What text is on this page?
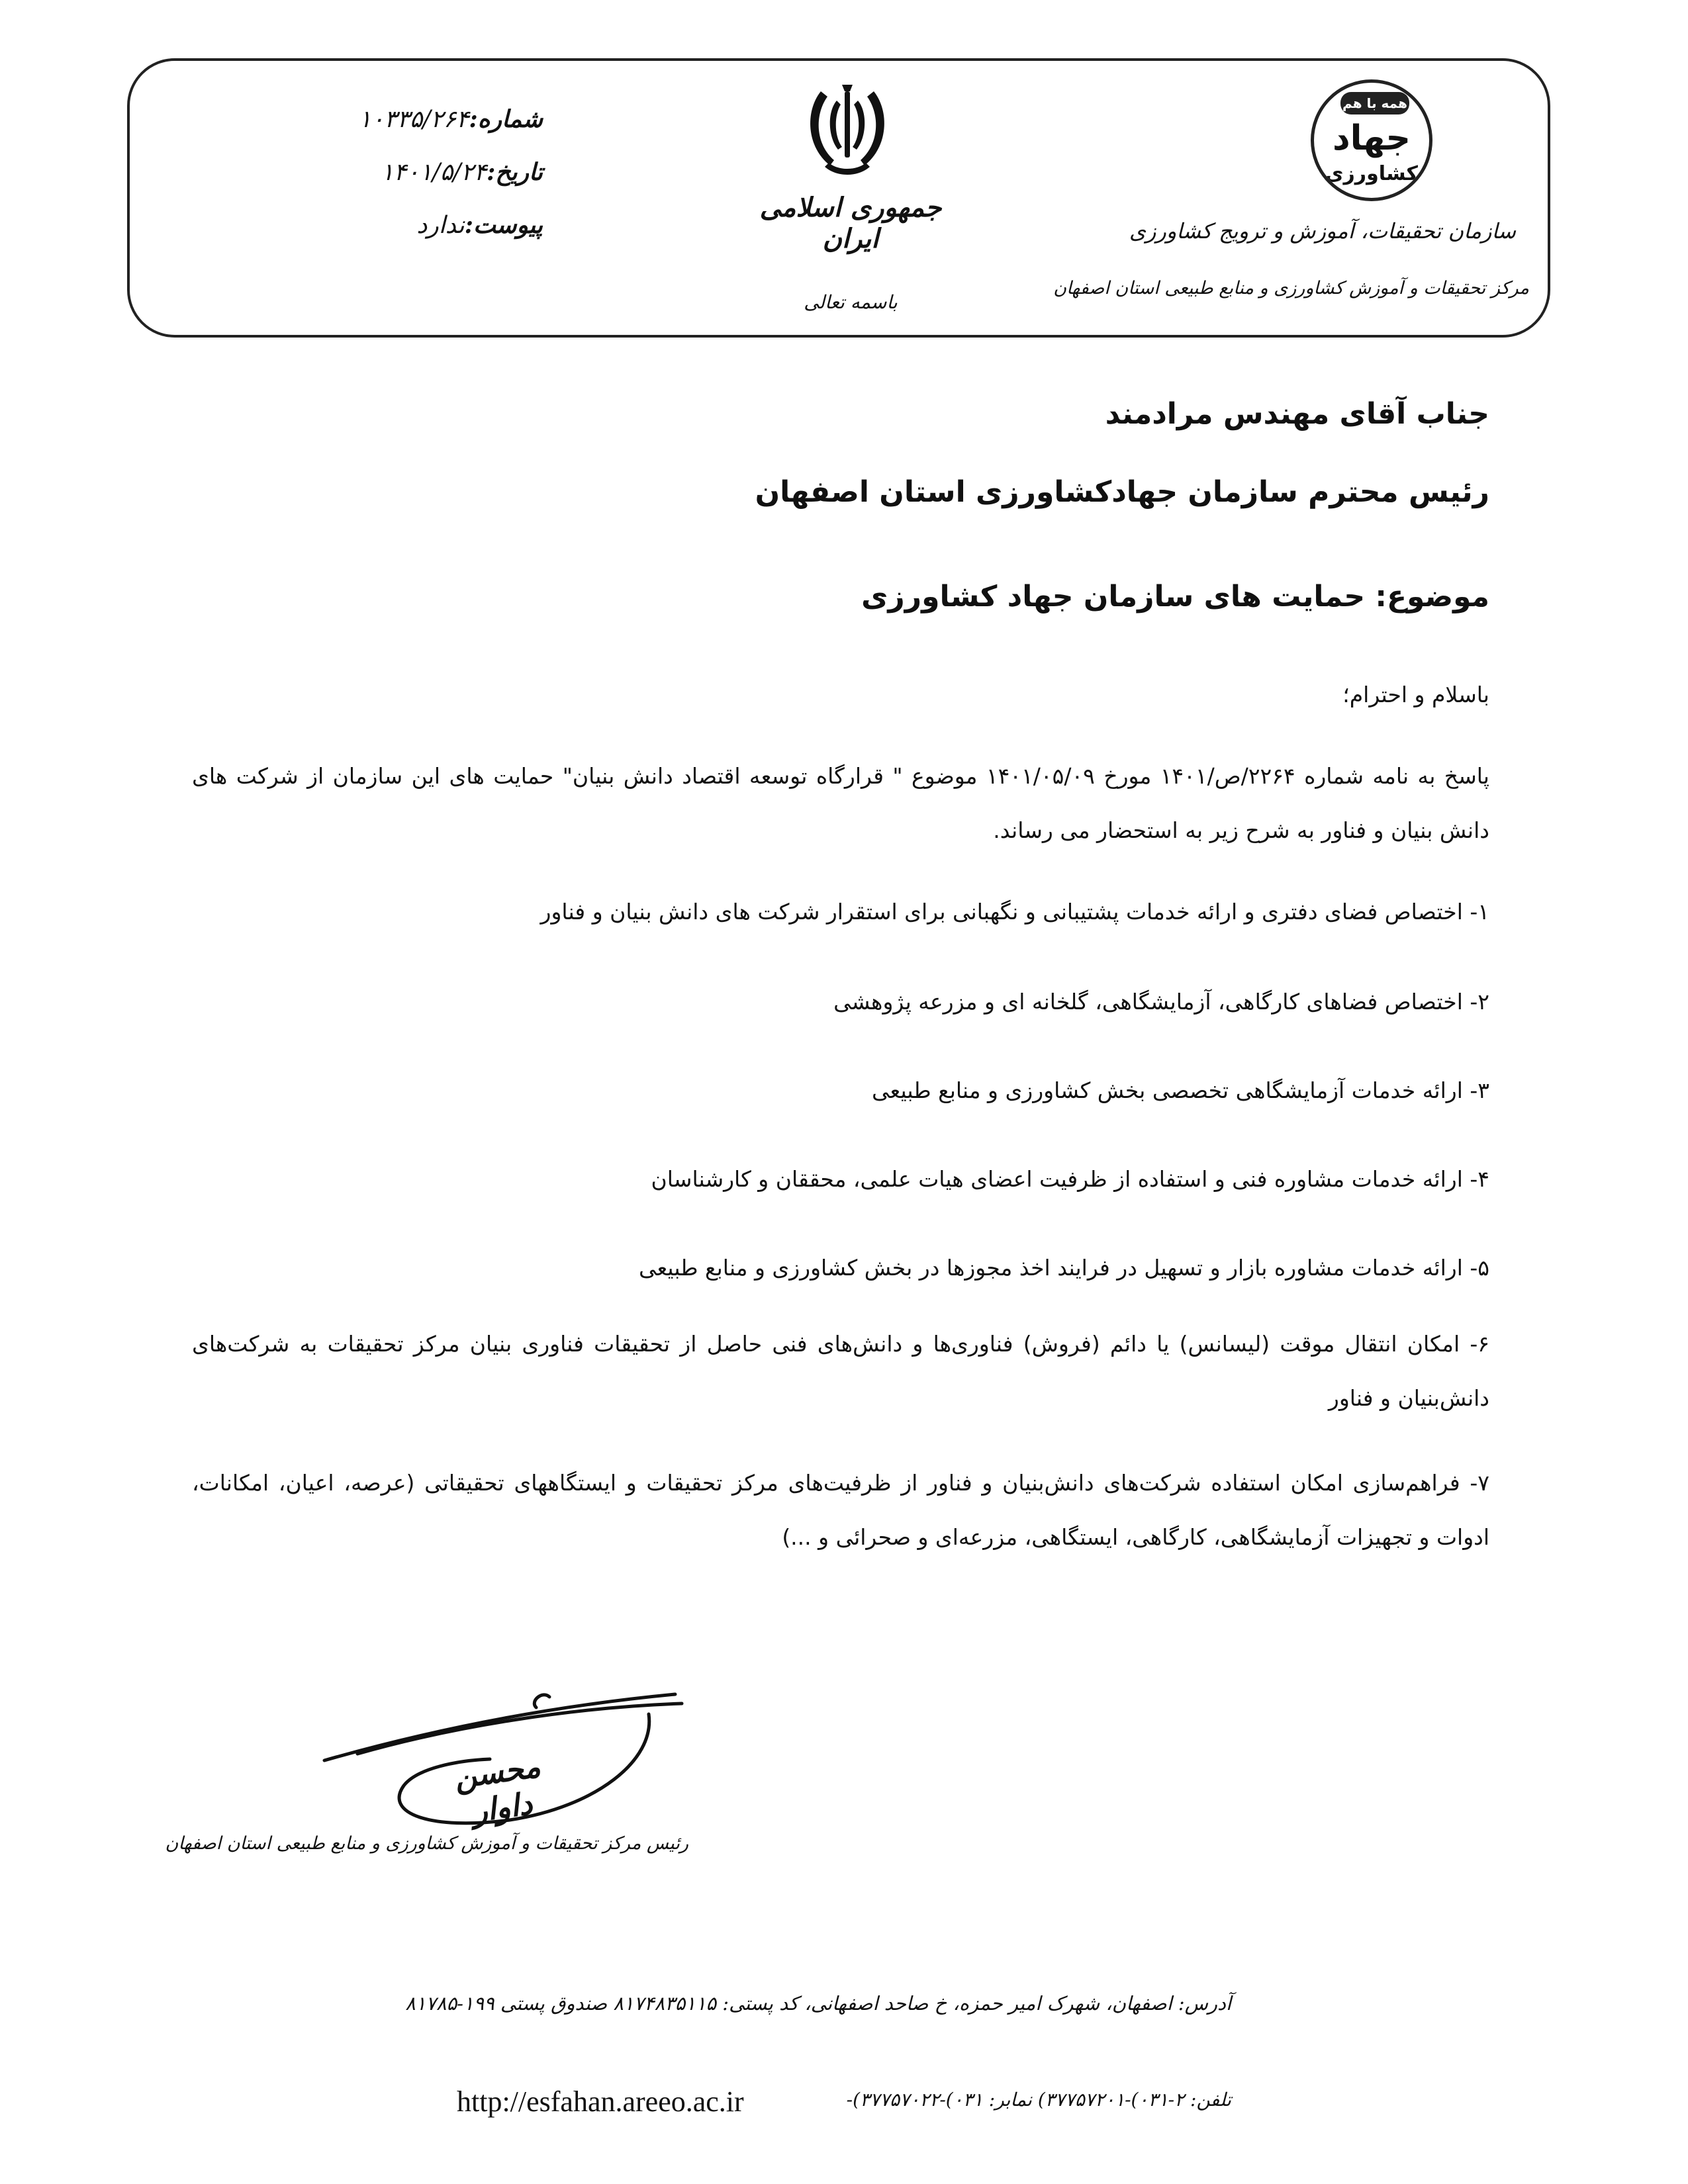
شماره:۱۰۳۳۵/۲۶۴
تاریخ:۱۴۰۱/۵/۲۴
پیوست:ندارد
جمهوری اسلامی ایران
باسمه تعالی
همه با هم
جهاد
کشاورزی
سازمان تحقیقات، آموزش و ترویج کشاورزی
مرکز تحقیقات و آموزش کشاورزی و منابع طبیعی استان اصفهان
جناب آقای مهندس مرادمند
رئیس محترم سازمان جهادکشاورزی استان اصفهان
موضوع: حمایت های سازمان جهاد کشاورزی
باسلام و احترام؛
پاسخ به نامه شماره ۲۲۶۴/ص/۱۴۰۱ مورخ ۱۴۰۱/۰۵/۰۹ موضوع " قرارگاه توسعه اقتصاد دانش بنیان" حمایت های این سازمان از شرکت های دانش بنیان و فناور به شرح زیر به استحضار می رساند.
۱- اختصاص فضای دفتری و ارائه خدمات پشتیبانی و نگهبانی برای استقرار شرکت های دانش بنیان و فناور
۲- اختصاص فضاهای کارگاهی، آزمایشگاهی، گلخانه ای و مزرعه پژوهشی
۳- ارائه خدمات آزمایشگاهی تخصصی بخش کشاورزی و منابع طبیعی
۴- ارائه خدمات مشاوره فنی و استفاده از ظرفیت اعضای هیات علمی، محققان و کارشناسان
۵- ارائه خدمات مشاوره بازار و تسهیل در فرایند اخذ مجوزها در بخش کشاورزی و منابع طبیعی
۶- امکان انتقال موقت (لیسانس) یا دائم (فروش) فناوری‌ها و دانش‌های فنی حاصل از تحقیقات فناوری بنیان مرکز تحقیقات به شرکت‌های دانش‌بنیان و فناور
۷- فراهم‌سازی امکان استفاده شرکت‌های دانش‌بنیان و فناور از ظرفیت‌های مرکز تحقیقات و ایستگاههای تحقیقاتی (عرصه، اعیان، امکانات، ادوات و تجهیزات آزمایشگاهی، کارگاهی، ایستگاهی، مزرعه‌ای و صحرائی و ...)
محسن داوار
رئیس مرکز تحقیقات و آموزش کشاورزی و منابع طبیعی استان اصفهان
آدرس: اصفهان، شهرک امیر حمزه، خ صاحد اصفهانی، کد پستی: ۸۱۷۴۸۳۵۱۱۵ صندوق پستی ۱۹۹-۸۱۷۸۵
http://esfahan.areeo.ac.ir	تلفن: ۲-۰۳۱)-۳۷۷۵۷۲۰۱) نمابر: ۰۳۱)-۳۷۷۵۷۰۲۲)-
